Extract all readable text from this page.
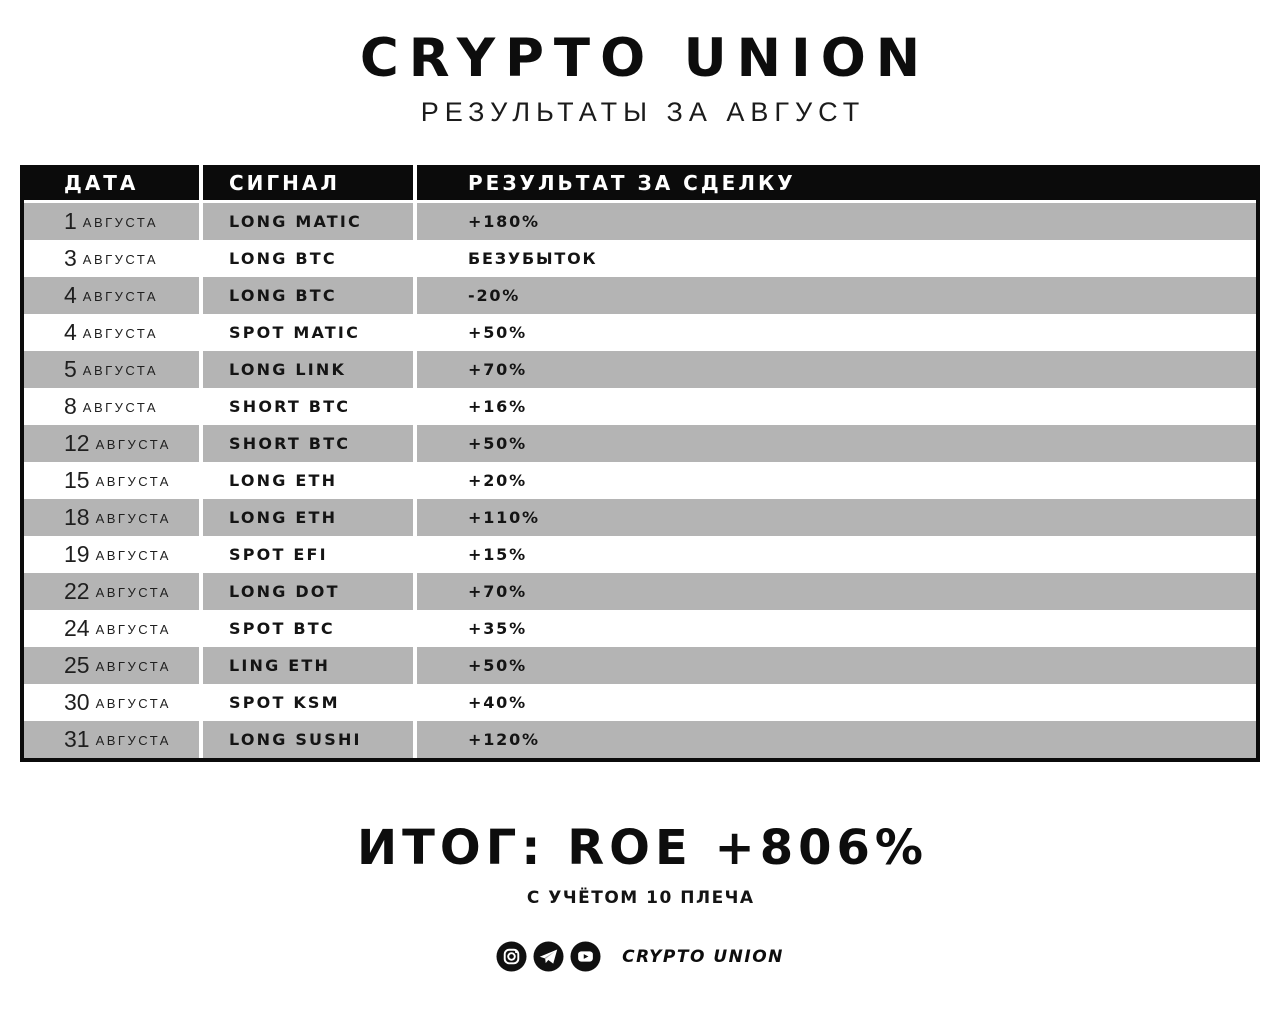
CRYPTO UNION
РЕЗУЛЬТАТЫ ЗА АВГУСТ
ДАТА	СИГНАЛ	РЕЗУЛЬТАТ ЗА СДЕЛКУ
1 АВГУСТА	LONG MATIC	+180%
3 АВГУСТА	LONG BTC	БЕЗУБЫТОК
4 АВГУСТА	LONG BTC	-20%
4 АВГУСТА	SPOT MATIC	+50%
5 АВГУСТА	LONG LINK	+70%
8 АВГУСТА	SHORT BTC	+16%
12 АВГУСТА	SHORT BTC	+50%
15 АВГУСТА	LONG ETH	+20%
18 АВГУСТА	LONG ETH	+110%
19 АВГУСТА	SPOT EFI	+15%
22 АВГУСТА	LONG DOT	+70%
24 АВГУСТА	SPOT BTC	+35%
25 АВГУСТА	LING ETH	+50%
30 АВГУСТА	SPOT KSM	+40%
31 АВГУСТА	LONG SUSHI	+120%
ИТОГ: ROE +806%
С УЧЁТОМ 10 ПЛЕЧА
CRYPTO UNION
